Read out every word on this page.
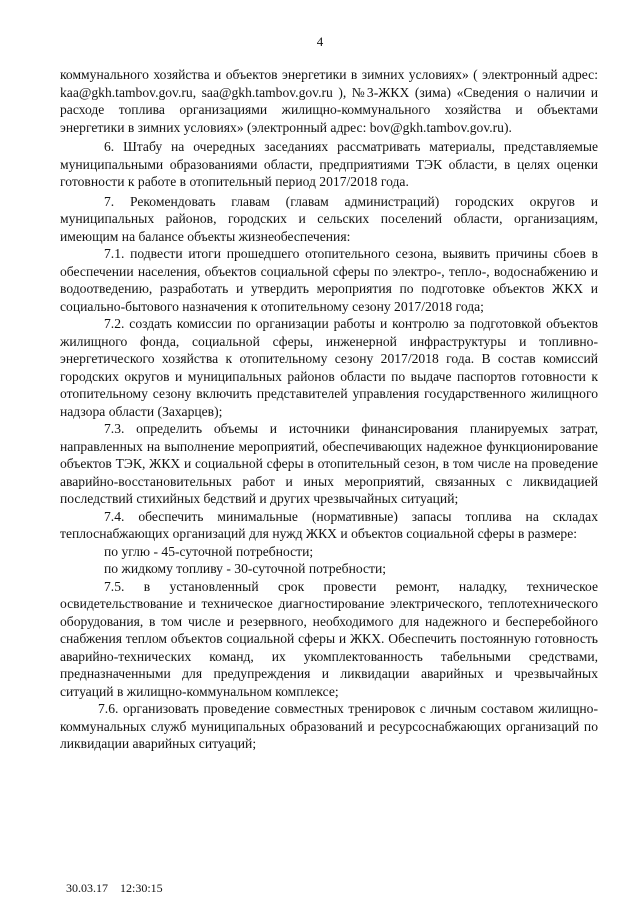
4

коммунального хозяйства и объектов энергетики в зимних условиях» ( электронный адрес: kaa@gkh.tambov.gov.ru, saa@gkh.tambov.gov.ru ), №3-ЖКХ (зима) «Сведения о наличии и расходе топлива организациями жилищно-коммунального хозяйства и объектами энергетики в зимних условиях» (электронный адрес: bov@gkh.tambov.gov.ru).

6. Штабу на очередных заседаниях рассматривать материалы, представляемые муниципальными образованиями области, предприятиями ТЭК области, в целях оценки готовности к работе в отопительный период 2017/2018 года.

7. Рекомендовать главам (главам администраций) городских округов и муниципальных районов, городских и сельских поселений области, организациям, имеющим на балансе объекты жизнеобеспечения:

7.1. подвести итоги прошедшего отопительного сезона, выявить причины сбоев в обеспечении населения, объектов социальной сферы по электро-, тепло-, водоснабжению и водоотведению, разработать и утвердить мероприятия по подготовке объектов ЖКХ и социально-бытового назначения к отопительному сезону 2017/2018 года;

7.2. создать комиссии по организации работы и контролю за подготовкой объектов жилищного фонда, социальной сферы, инженерной инфраструктуры и топливно-энергетического хозяйства к отопительному сезону 2017/2018 года. В состав комиссий городских округов и муниципальных районов области по выдаче паспортов готовности к отопительному сезону включить представителей управления государственного жилищного надзора области (Захарцев);

7.3. определить объемы и источники финансирования планируемых затрат, направленных на выполнение мероприятий, обеспечивающих надежное функционирование объектов ТЭК, ЖКХ и социальной сферы в отопительный сезон, в том числе на проведение аварийно-восстановительных работ и иных мероприятий, связанных с ликвидацией последствий стихийных бедствий и других чрезвычайных ситуаций;

7.4. обеспечить минимальные (нормативные) запасы топлива на складах теплоснабжающих организаций для нужд ЖКХ и объектов социальной сферы в размере:

по углю - 45-суточной потребности;

по жидкому топливу - 30-суточной потребности;

7.5. в установленный срок провести ремонт, наладку, техническое освидетельствование и техническое диагностирование электрического, теплотехнического оборудования, в том числе и резервного, необходимого для надежного и бесперебойного снабжения теплом объектов социальной сферы и ЖКХ. Обеспечить постоянную готовность аварийно-технических команд, их укомплектованность табельными средствами, предназначенными для предупреждения и ликвидации аварийных и чрезвычайных ситуаций в жилищно-коммунальном комплексе;

7.6. организовать проведение совместных тренировок с личным составом жилищно-коммунальных служб муниципальных образований и ресурсоснабжающих организаций по ликвидации аварийных ситуаций;

30.03.17 12:30:15
